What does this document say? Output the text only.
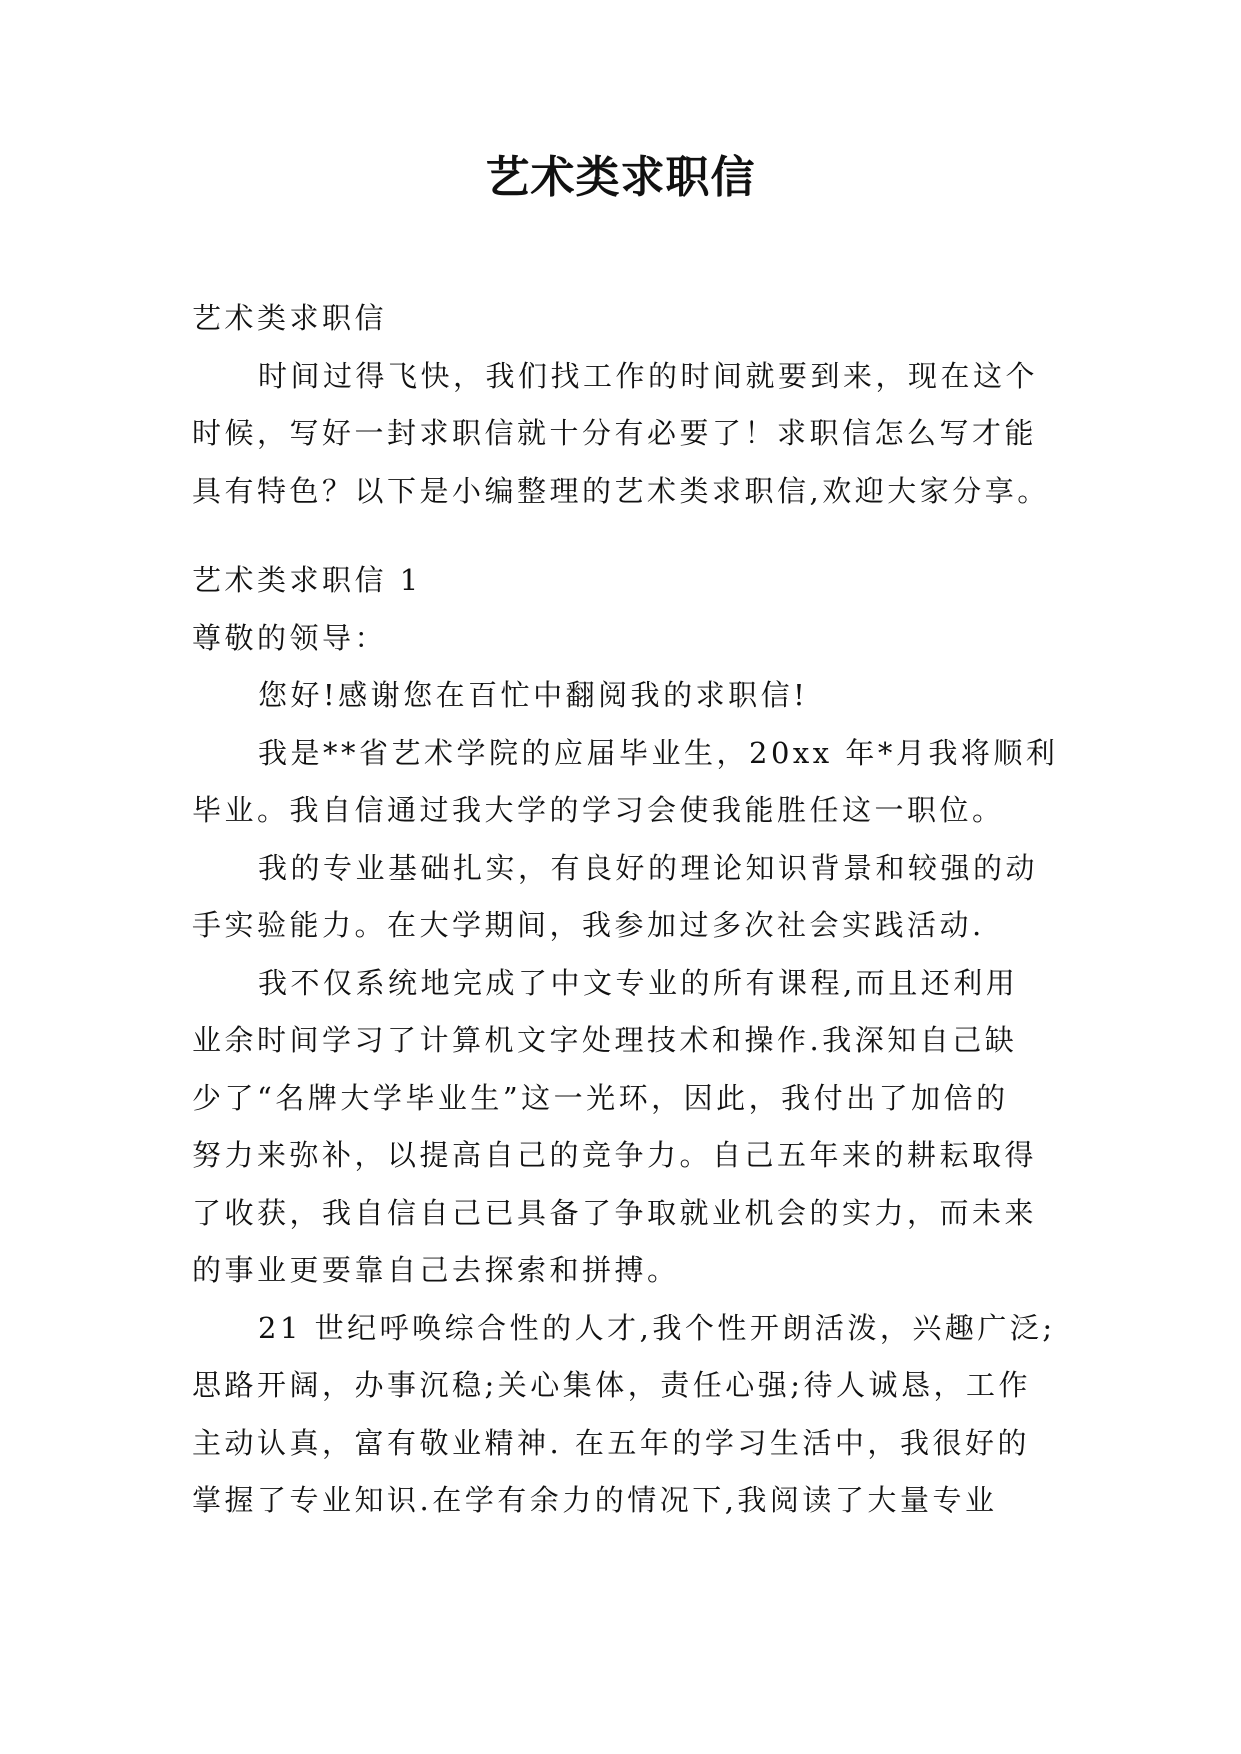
艺术类求职信

艺术类求职信

时间过得飞快，我们找工作的时间就要到来，现在这个

时候，写好一封求职信就十分有必要了！求职信怎么写才能

具有特色？以下是小编整理的艺术类求职信,欢迎大家分享。

艺术类求职信 1

尊敬的领导：

您好!感谢您在百忙中翻阅我的求职信!

我是**省艺术学院的应届毕业生，20xx 年*月我将顺利

毕业。我自信通过我大学的学习会使我能胜任这一职位。

我的专业基础扎实，有良好的理论知识背景和较强的动

手实验能力。在大学期间，我参加过多次社会实践活动.

我不仅系统地完成了中文专业的所有课程,而且还利用

业余时间学习了计算机文字处理技术和操作.我深知自己缺

少了“名牌大学毕业生”这一光环，因此，我付出了加倍的

努力来弥补，以提高自己的竞争力。自己五年来的耕耘取得

了收获，我自信自己已具备了争取就业机会的实力，而未来

的事业更要靠自己去探索和拼搏。

21 世纪呼唤综合性的人才,我个性开朗活泼，兴趣广泛;

思路开阔，办事沉稳;关心集体，责任心强;待人诚恳，工作

主动认真，富有敬业精神. 在五年的学习生活中，我很好的

掌握了专业知识.在学有余力的情况下,我阅读了大量专业
